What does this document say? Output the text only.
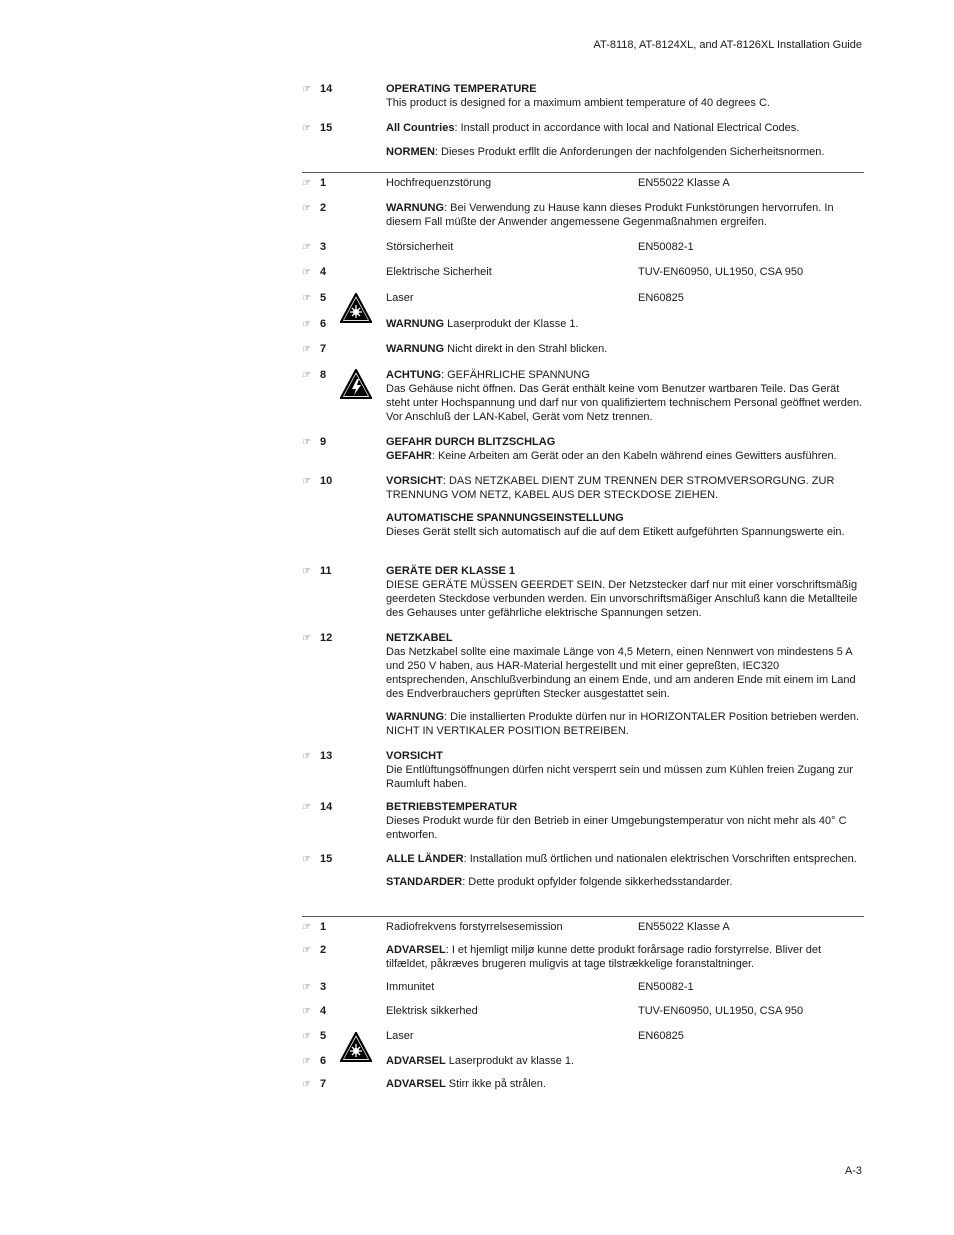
AT-8118, AT-8124XL, and AT-8126XL Installation Guide
☞ 14	OPERATING TEMPERATURE

This product is designed for a maximum ambient temperature of 40 degrees C.

☞ 15	All Countries: Install product in accordance with local and National Electrical Codes.

NORMEN: Dieses Produkt erfllt die Anforderungen der nachfolgenden Sicherheitsnormen.

☞ 1	Hochfrequenzstörung	EN55022 Klasse A
☞ 2	WARNUNG: Bei Verwendung zu Hause kann dieses Produkt Funkstörungen hervorrufen. In diesem Fall müßte der Anwender angemessene Gegenmaßnahmen ergreifen.

☞ 3	Störsicherheit	EN50082-1
☞ 4	Elektrische Sicherheit	TUV-EN60950, UL1950, CSA 950
☞ 5	Laser	EN60825
☞ 6	WARNUNG Laserprodukt der Klasse 1.

☞ 7	WARNUNG Nicht direkt in den Strahl blicken.

☞ 8	ACHTUNG: GEFÄHRLICHE SPANNUNG

Das Gehäuse nicht öffnen. Das Gerät enthält keine vom Benutzer wartbaren Teile. Das Gerät steht unter Hochspannung und darf nur von qualifiziertem technischem Personal geöffnet werden. Vor Anschluß der LAN-Kabel, Gerät vom Netz trennen.

☞ 9	GEFAHR DURCH BLITZSCHLAG

GEFAHR: Keine Arbeiten am Gerät oder an den Kabeln während eines Gewitters ausführen.

☞ 10	VORSICHT: DAS NETZKABEL DIENT ZUM TRENNEN DER STROMVERSORGUNG. ZUR TRENNUNG VOM NETZ, KABEL AUS DER STECKDOSE ZIEHEN.

AUTOMATISCHE SPANNUNGSEINSTELLUNG

Dieses Gerät stellt sich automatisch auf die auf dem Etikett aufgeführten Spannungswerte ein.

☞ 11	GERÄTE DER KLASSE 1

DIESE GERÄTE MÜSSEN GEERDET SEIN. Der Netzstecker darf nur mit einer vorschriftsmäßig geerdeten Steckdose verbunden werden. Ein unvorschriftsmäßiger Anschluß kann die Metallteile des Gehauses unter gefährliche elektrische Spannungen setzen.

☞ 12	NETZKABEL

Das Netzkabel sollte eine maximale Länge von 4,5 Metern, einen Nennwert von mindestens 5 A und 250 V haben, aus HAR-Material hergestellt und mit einer gepreßten, IEC320 entsprechenden, Anschlußverbindung an einem Ende, und am anderen Ende mit einem im Land des Endverbrauchers geprüften Stecker ausgestattet sein.

WARNUNG: Die installierten Produkte dürfen nur in HORIZONTALER Position betrieben werden. NICHT IN VERTIKALER POSITION BETREIBEN.

☞ 13	VORSICHT

Die Entlüftungsöffnungen dürfen nicht versperrt sein und müssen zum Kühlen freien Zugang zur Raumluft haben.

☞ 14	BETRIEBSTEMPERATUR

Dieses Produkt wurde für den Betrieb in einer Umgebungstemperatur von nicht mehr als 40° C entworfen.

☞ 15	ALLE LÄNDER: Installation muß örtlichen und nationalen elektrischen Vorschriften entsprechen.

STANDARDER: Dette produkt opfylder folgende sikkerhedsstandarder.

☞ 1	Radiofrekvens forstyrrelsesemission	EN55022 Klasse A
☞ 2	ADVARSEL: I et hjemligt miljø kunne dette produkt forårsage radio forstyrrelse. Bliver det tilfældet, påkræves brugeren muligvis at tage tilstrækkelige foranstaltninger.

☞ 3	Immunitet	EN50082-1
☞ 4	Elektrisk sikkerhed	TUV-EN60950, UL1950, CSA 950
☞ 5	Laser	EN60825
☞ 6	ADVARSEL Laserprodukt av klasse 1.

☞ 7	ADVARSEL Stirr ikke på strålen.

A-3
